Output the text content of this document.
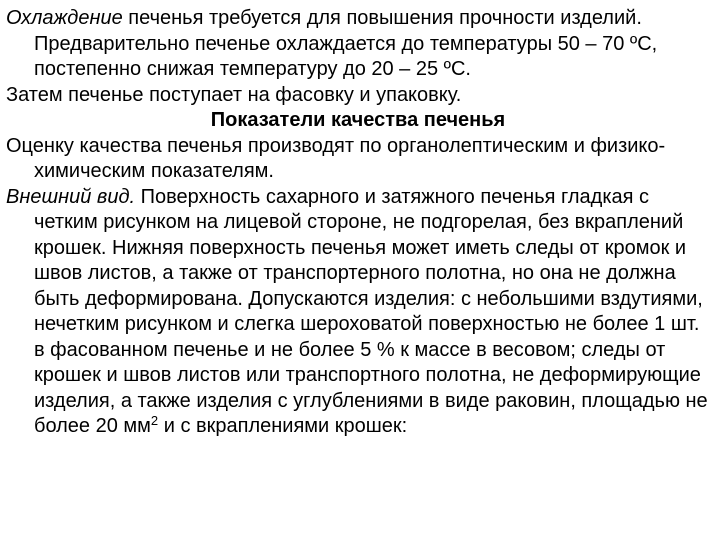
Охлаждение печенья требуется для повышения прочности изделий. Предварительно печенье охлаждается до температуры 50 – 70 ºС, постепенно снижая температуру до 20 – 25 ºС.

Затем печенье поступает на фасовку и упаковку.

Показатели качества печенья

Оценку качества печенья производят по органолептическим и физико-химическим показателям.

Внешний вид. Поверхность сахарного и затяжного печенья гладкая с четким рисунком на лицевой стороне, не подгорелая, без вкраплений крошек. Нижняя поверхность печенья может иметь следы от кромок и швов листов, а также от транспортерного полотна, но она не должна быть деформирована. Допускаются изделия: с небольшими вздутиями, нечетким рисунком и слегка шероховатой поверхностью не более 1 шт. в фасованном печенье и не более 5 % к массе в весовом; следы от крошек и швов листов или транспортного полотна, не деформирующие изделия, а также изделия с углублениями в виде раковин, площадью не более 20 $мм^2$ и с вкраплениями крошек:
